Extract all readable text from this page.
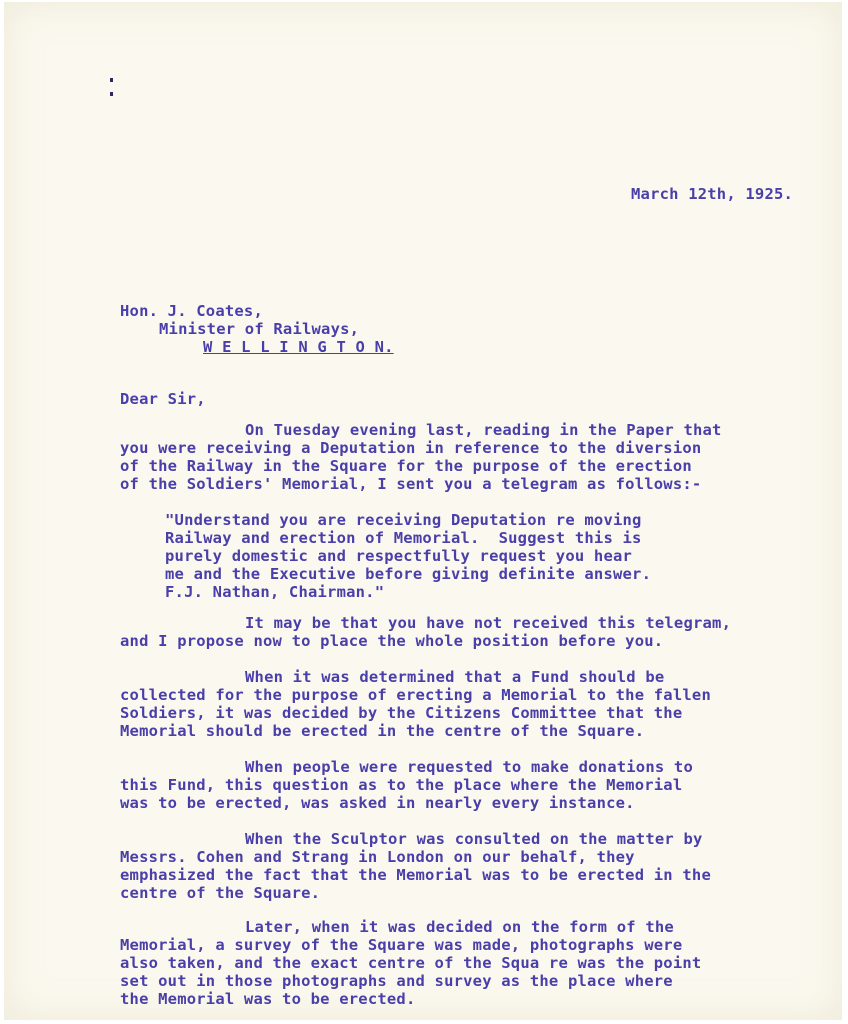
March 12th, 1925.
Hon. J. Coates,
Minister of Railways,
W E L L I N G T O N.
Dear Sir,
On Tuesday evening last, reading in the Paper that
you were receiving a Deputation in reference to the diversion
of the Railway in the Square for the purpose of the erection
of the Soldiers' Memorial, I sent you a telegram as follows:-
"Understand you are receiving Deputation re moving
Railway and erection of Memorial.  Suggest this is
purely domestic and respectfully request you hear
me and the Executive before giving definite answer.
F.J. Nathan, Chairman."
It may be that you have not received this telegram,
and I propose now to place the whole position before you.
When it was determined that a Fund should be
collected for the purpose of erecting a Memorial to the fallen
Soldiers, it was decided by the Citizens Committee that the
Memorial should be erected in the centre of the Square.
When people were requested to make donations to
this Fund, this question as to the place where the Memorial
was to be erected, was asked in nearly every instance.
When the Sculptor was consulted on the matter by
Messrs. Cohen and Strang in London on our behalf, they
emphasized the fact that the Memorial was to be erected in the
centre of the Square.
Later, when it was decided on the form of the
Memorial, a survey of the Square was made, photographs were
also taken, and the exact centre of the Squa re was the point
set out in those photographs and survey as the place where
the Memorial was to be erected.
